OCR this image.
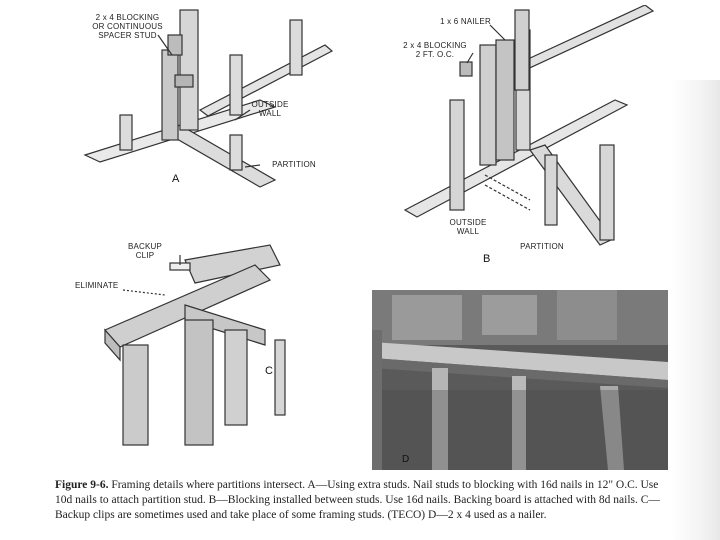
2 x 4 BLOCKING
OR CONTINUOUS
SPACER STUD
OUTSIDE
WALL
PARTITION
A
1 x 6 NAILER
2 x 4 BLOCKING
2 FT. O.C.
OUTSIDE
WALL
PARTITION
B
BACKUP
CLIP
ELIMINATE
C
D
Figure 9-6. Framing details where partitions intersect. A—Using extra studs. Nail studs to blocking with 16d nails in 12" O.C. Use 10d nails to attach partition stud. B—Blocking installed between studs. Use 16d nails. Backing board is attached with 8d nails. C—Backup clips are sometimes used and take place of some framing studs. (TECO) D—2 x 4 used as a nailer.
